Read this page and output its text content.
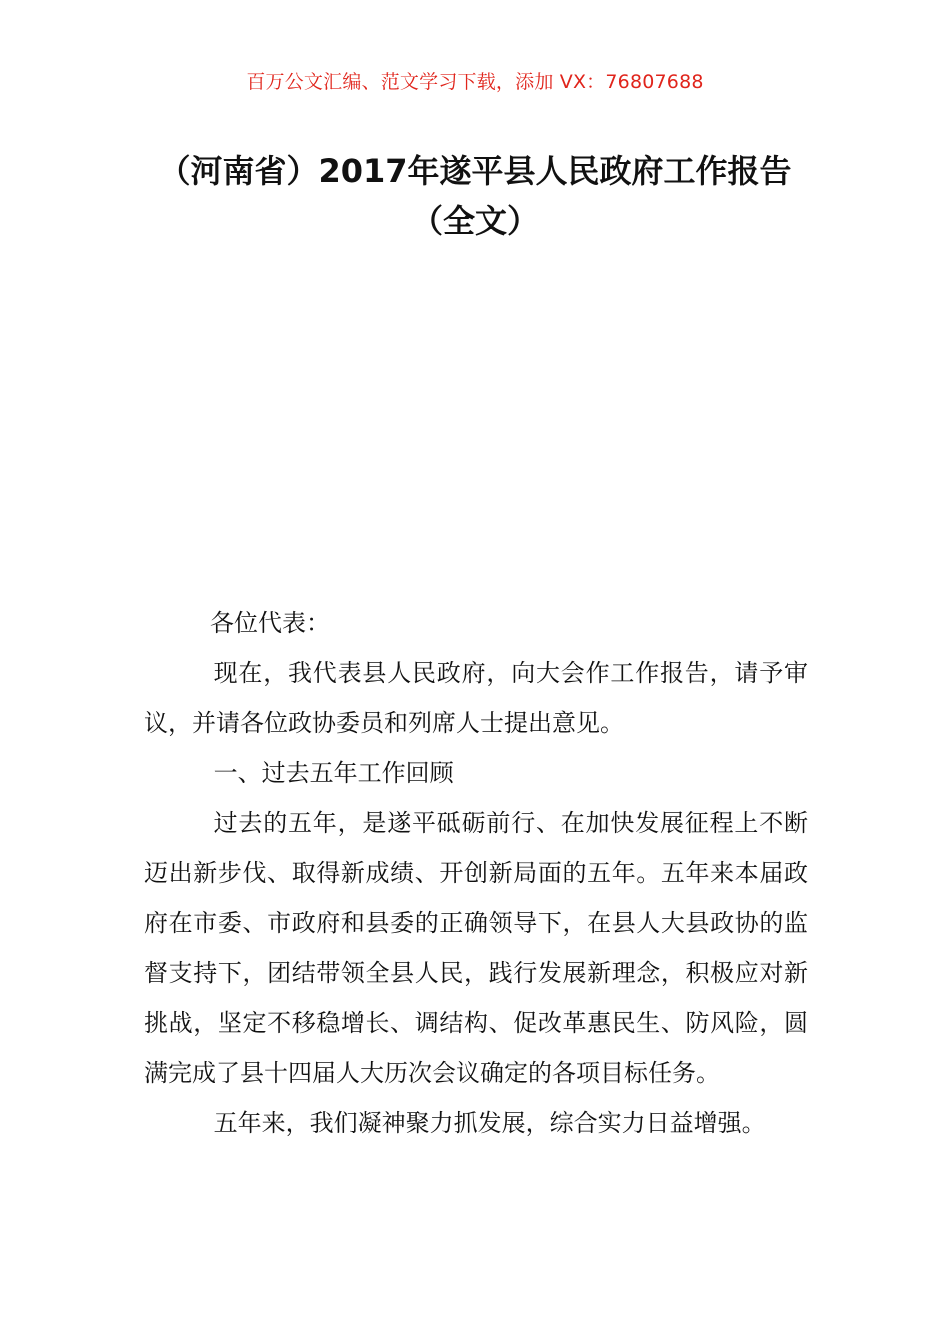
百万公文汇编、范文学习下载，添加 VX：76807688
（河南省）2017年遂平县人民政府工作报告（全文）

各位代表：

现在，我代表县人民政府，向大会作工作报告，请予审议，并请各位政协委员和列席人士提出意见。

一、过去五年工作回顾

过去的五年，是遂平砥砺前行、在加快发展征程上不断迈出新步伐、取得新成绩、开创新局面的五年。五年来本届政府在市委、市政府和县委的正确领导下，在县人大县政协的监督支持下，团结带领全县人民，践行发展新理念，积极应对新挑战，坚定不移稳增长、调结构、促改革惠民生、防风险，圆满完成了县十四届人大历次会议确定的各项目标任务。

五年来，我们凝神聚力抓发展，综合实力日益增强。
